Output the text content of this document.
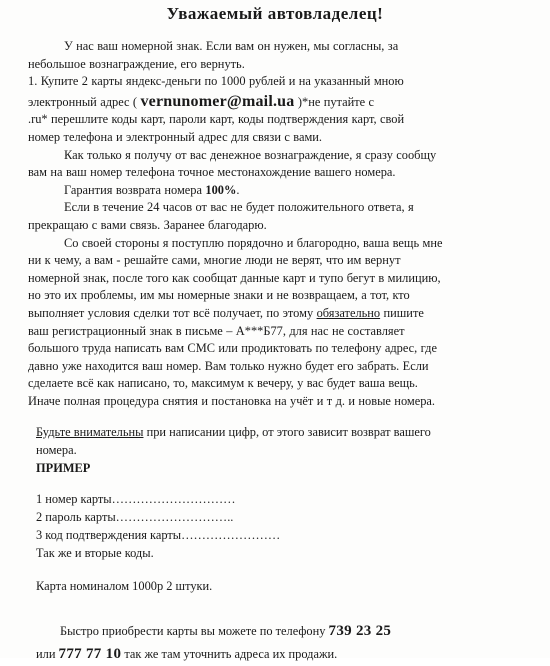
Уважаемый автовладелец!

У нас ваш номерной знак. Если вам он нужен, мы согласны, за

небольшое вознаграждение, его вернуть.

1. Купите 2 карты яндекс-деньги по 1000 рублей и на указанный мною

электронный адрес ( vernunomer@mail.ua )*не путайте с

.ru* перешлите коды карт, пароли карт, коды подтверждения карт, свой

номер телефона и электронный адрес для связи с вами.

Как только я получу от вас денежное вознаграждение, я сразу сообщу

вам на ваш номер телефона точное местонахождение вашего номера.

Гарантия возврата номера 100%.

Если в течение 24 часов от вас не будет положительного ответа, я

прекращаю с вами связь. Заранее благодарю.

Со своей стороны я поступлю порядочно и благородно, ваша вещь мне

ни к чему, а вам - решайте сами, многие люди не верят, что им вернут

номерной знак, после того как сообщат данные карт и тупо бегут в милицию,

но это их проблемы, им мы номерные знаки и не возвращаем, а тот, кто

выполняет условия сделки тот всё получает, по этому обязательно пишите

ваш регистрационный знак в письме – А***Б77, для нас не составляет

большого труда написать вам СМС или продиктовать по телефону адрес, где

давно уже находится ваш номер. Вам только нужно будет его забрать. Если

сделаете всё как написано, то, максимум к вечеру, у вас будет ваша вещь.

Иначе полная процедура снятия и постановка на учёт и т д. и новые номера.

Будьте внимательны при написании цифр, от этого зависит возврат вашего

номера.

ПРИМЕР

1 номер карты…………………………

2 пароль карты………………………..

3 код подтверждения карты……………………

Так же и вторые коды.

Карта номиналом 1000р 2 штуки.

Быстро приобрести карты вы можете по телефону 739 23 25

или 777 77 10 так же там уточнить адреса их продажи.
